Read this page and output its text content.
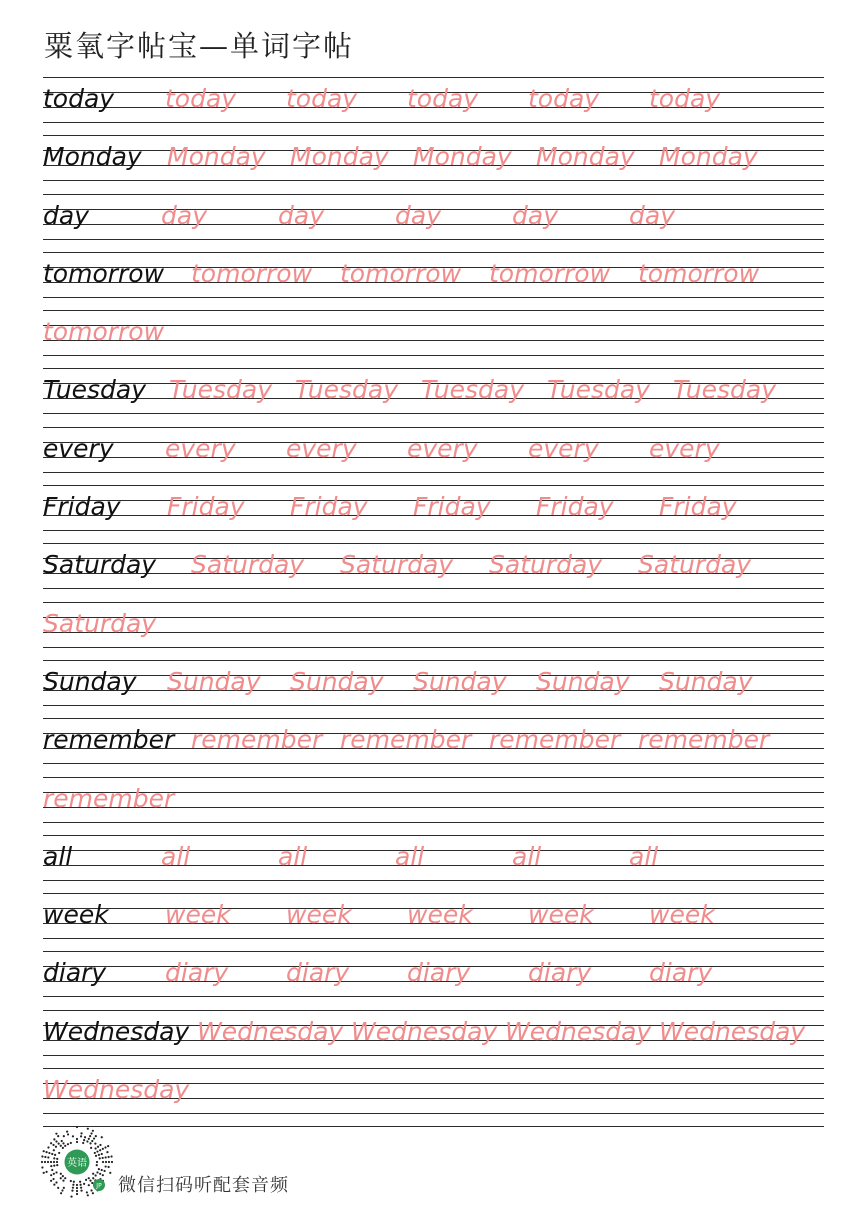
粟氧字帖宝—单词字帖
today today today today today today
Monday Monday Monday Monday Monday Monday
day	day	day	day	day	day
tomorrow tomorrow tomorrow tomorrow tomorrow
tomorrow
Tuesday Tuesday Tuesday Tuesday Tuesday Tuesday
every every every every every every
Friday Friday Friday Friday Friday Friday
Saturday Saturday Saturday Saturday Saturday
Saturday
Sunday Sunday Sunday Sunday Sunday Sunday
remember remember remember remember remember
remember
all	all	all	all	all	all
week week week week week week
diary diary diary diary diary diary
Wednesday Wednesday Wednesday Wednesday Wednesday
Wednesday
英语
JP 微信扫码听配套音频
